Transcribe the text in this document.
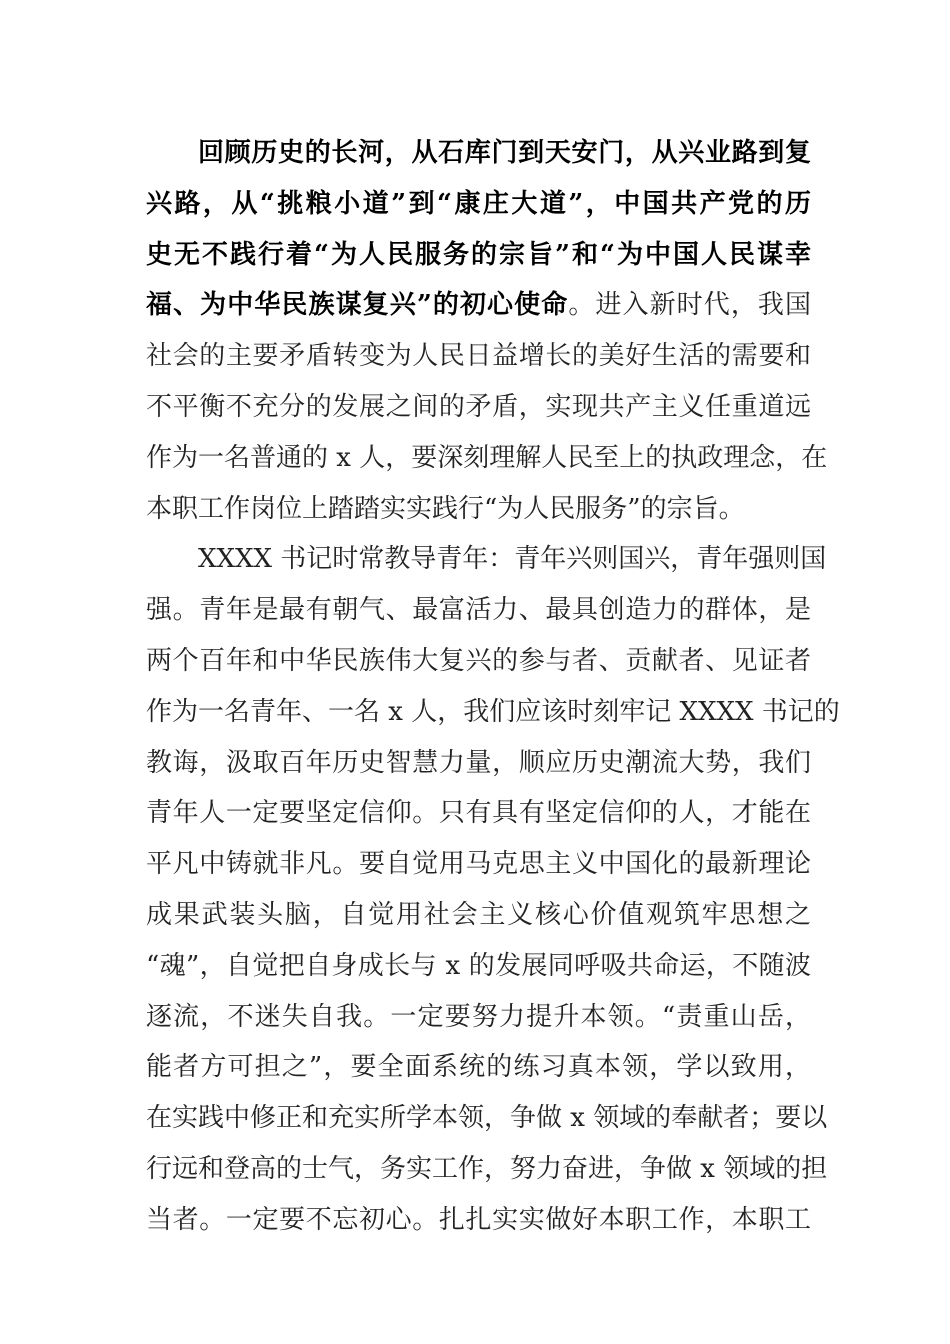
回顾历史的长河，从石库门到天安门，从兴业路到复
兴路，从“挑粮小道”到“康庄大道”，中国共产党的历
史无不践行着“为人民服务的宗旨”和“为中国人民谋幸
福、为中华民族谋复兴”的初心使命。进入新时代，我国
社会的主要矛盾转变为人民日益增长的美好生活的需要和
不平衡不充分的发展之间的矛盾，实现共产主义任重道远
作为一名普通的 x 人，要深刻理解人民至上的执政理念，在
本职工作岗位上踏踏实实践行“为人民服务”的宗旨。
XXXX 书记时常教导青年：青年兴则国兴，青年强则国
强。青年是最有朝气、最富活力、最具创造力的群体，是
两个百年和中华民族伟大复兴的参与者、贡献者、见证者
作为一名青年、一名 x 人，我们应该时刻牢记 XXXX 书记的
教诲，汲取百年历史智慧力量，顺应历史潮流大势，我们
青年人一定要坚定信仰。只有具有坚定信仰的人，才能在
平凡中铸就非凡。要自觉用马克思主义中国化的最新理论
成果武装头脑，自觉用社会主义核心价值观筑牢思想之
“魂”，自觉把自身成长与 x 的发展同呼吸共命运，不随波
逐流，不迷失自我。一定要努力提升本领。“责重山岳，
能者方可担之”，要全面系统的练习真本领，学以致用，
在实践中修正和充实所学本领，争做 x 领域的奉献者；要以
行远和登高的士气，务实工作，努力奋进，争做 x 领域的担
当者。一定要不忘初心。扎扎实实做好本职工作，本职工
